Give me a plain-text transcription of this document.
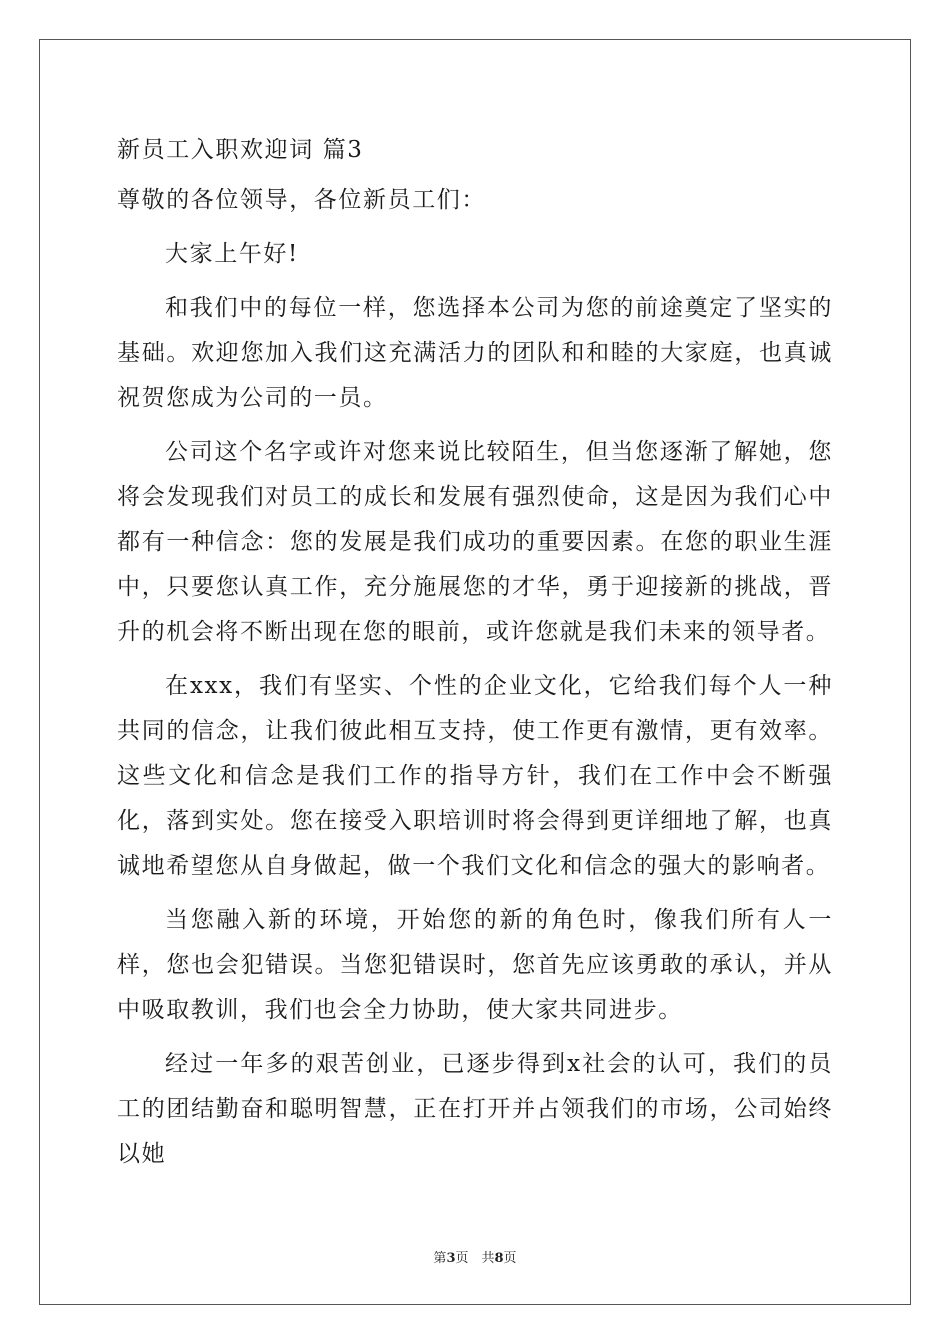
新员工入职欢迎词 篇3

尊敬的各位领导，各位新员工们：

大家上午好!

和我们中的每位一样，您选择本公司为您的前途奠定了坚实的基础。欢迎您加入我们这充满活力的团队和和睦的大家庭，也真诚祝贺您成为公司的一员。

公司这个名字或许对您来说比较陌生，但当您逐渐了解她，您将会发现我们对员工的成长和发展有强烈使命，这是因为我们心中都有一种信念：您的发展是我们成功的重要因素。在您的职业生涯中，只要您认真工作，充分施展您的才华，勇于迎接新的挑战，晋升的机会将不断出现在您的眼前，或许您就是我们未来的领导者。

在xxx，我们有坚实、个性的企业文化，它给我们每个人一种共同的信念，让我们彼此相互支持，使工作更有激情，更有效率。这些文化和信念是我们工作的指导方针，我们在工作中会不断强化，落到实处。您在接受入职培训时将会得到更详细地了解，也真诚地希望您从自身做起，做一个我们文化和信念的强大的影响者。

当您融入新的环境，开始您的新的角色时，像我们所有人一样，您也会犯错误。当您犯错误时，您首先应该勇敢的承认，并从中吸取教训，我们也会全力协助，使大家共同进步。

经过一年多的艰苦创业，已逐步得到x社会的认可，我们的员工的团结勤奋和聪明智慧，正在打开并占领我们的市场，公司始终以她

第3页　共8页
